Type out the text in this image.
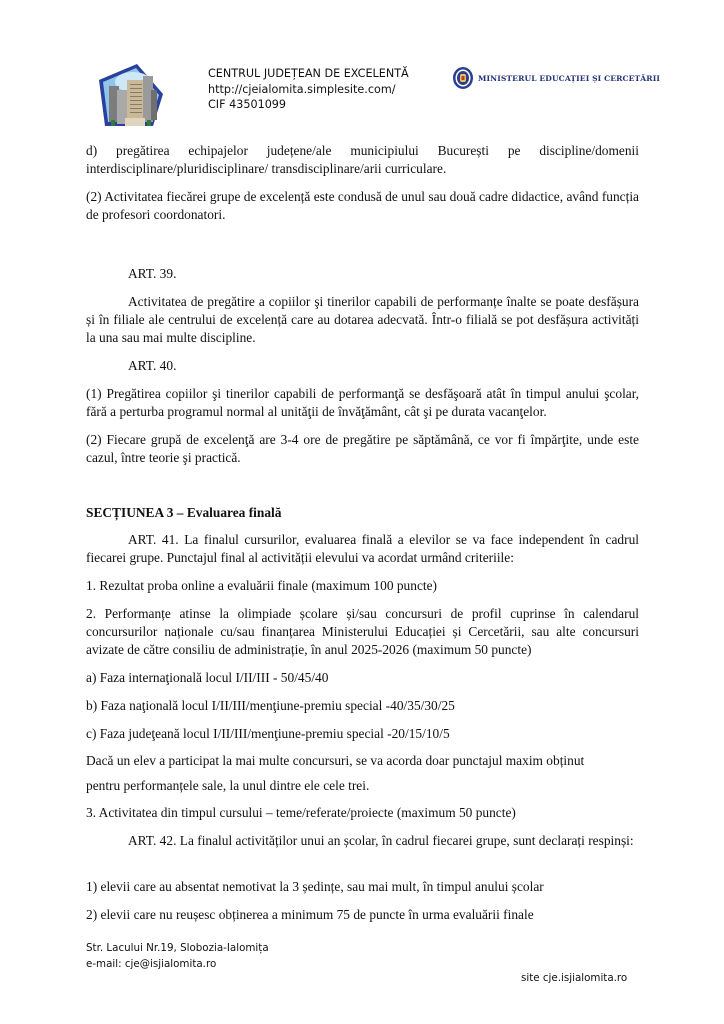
CENTRUL JUDEȚEAN DE EXCELENTĂ
http://cjeialomita.simplesite.com/
CIF 43501099
MINISTERUL EDUCAȚIEI ȘI CERCETĂRII

d) pregătirea echipajelor județene/ale municipiului București pe discipline/domenii

interdisciplinare/pluridisciplinare/ transdisciplinare/arii curriculare.

(2) Activitatea fiecărei grupe de excelență este condusă de unul sau două cadre didactice, având funcția de profesori coordonatori.

ART. 39.

Activitatea de pregătire a copiilor şi tinerilor capabili de performanțe înalte se poate desfășura și în filiale ale centrului de excelență care au dotarea adecvată. Într-o filială se pot desfășura activități la una sau mai multe discipline.

ART. 40.

(1) Pregătirea copiilor şi tinerilor capabili de performanţă se desfăşoară atât în timpul anului şcolar, fără a perturba programul normal al unităţii de învăţământ, cât şi pe durata vacanţelor.

(2) Fiecare grupă de excelenţă are 3-4 ore de pregătire pe săptămână, ce vor fi împărţite, unde este cazul, între teorie şi practică.

SECȚIUNEA 3 – Evaluarea finală

ART. 41. La finalul cursurilor, evaluarea finală a elevilor se va face independent în cadrul fiecarei grupe. Punctajul final al activității elevului va acordat urmând criteriile:

1. Rezultat proba online a evaluării finale (maximum 100 puncte)

2. Performanțe atinse la olimpiade școlare și/sau concursuri de profil cuprinse în calendarul concursurilor naționale cu/sau finanțarea Ministerului Educației și Cercetării, sau alte concursuri avizate de către consiliu de administrație, în anul 2025-2026 (maximum 50 puncte)

a) Faza internaţională locul I/II/III - 50/45/40

b) Faza naţională locul I/II/III/menţiune-premiu special -40/35/30/25

c) Faza judeţeană locul I/II/III/menţiune-premiu special -20/15/10/5

Dacă un elev a participat la mai multe concursuri, se va acorda doar punctajul maxim obținut

pentru performanțele sale, la unul dintre ele cele trei.

3. Activitatea din timpul cursului – teme/referate/proiecte (maximum 50 puncte)

ART. 42. La finalul activităților unui an școlar, în cadrul fiecarei grupe, sunt declarați respinși:

1) elevii care au absentat nemotivat la 3 ședințe, sau mai mult, în timpul anului școlar

2) elevii care nu reușesc obținerea a minimum 75 de puncte în urma evaluării finale

Str. Lacului Nr.19, Slobozia-Ialomița
e-mail: cje@isjialomita.ro
site cje.isjialomita.ro
